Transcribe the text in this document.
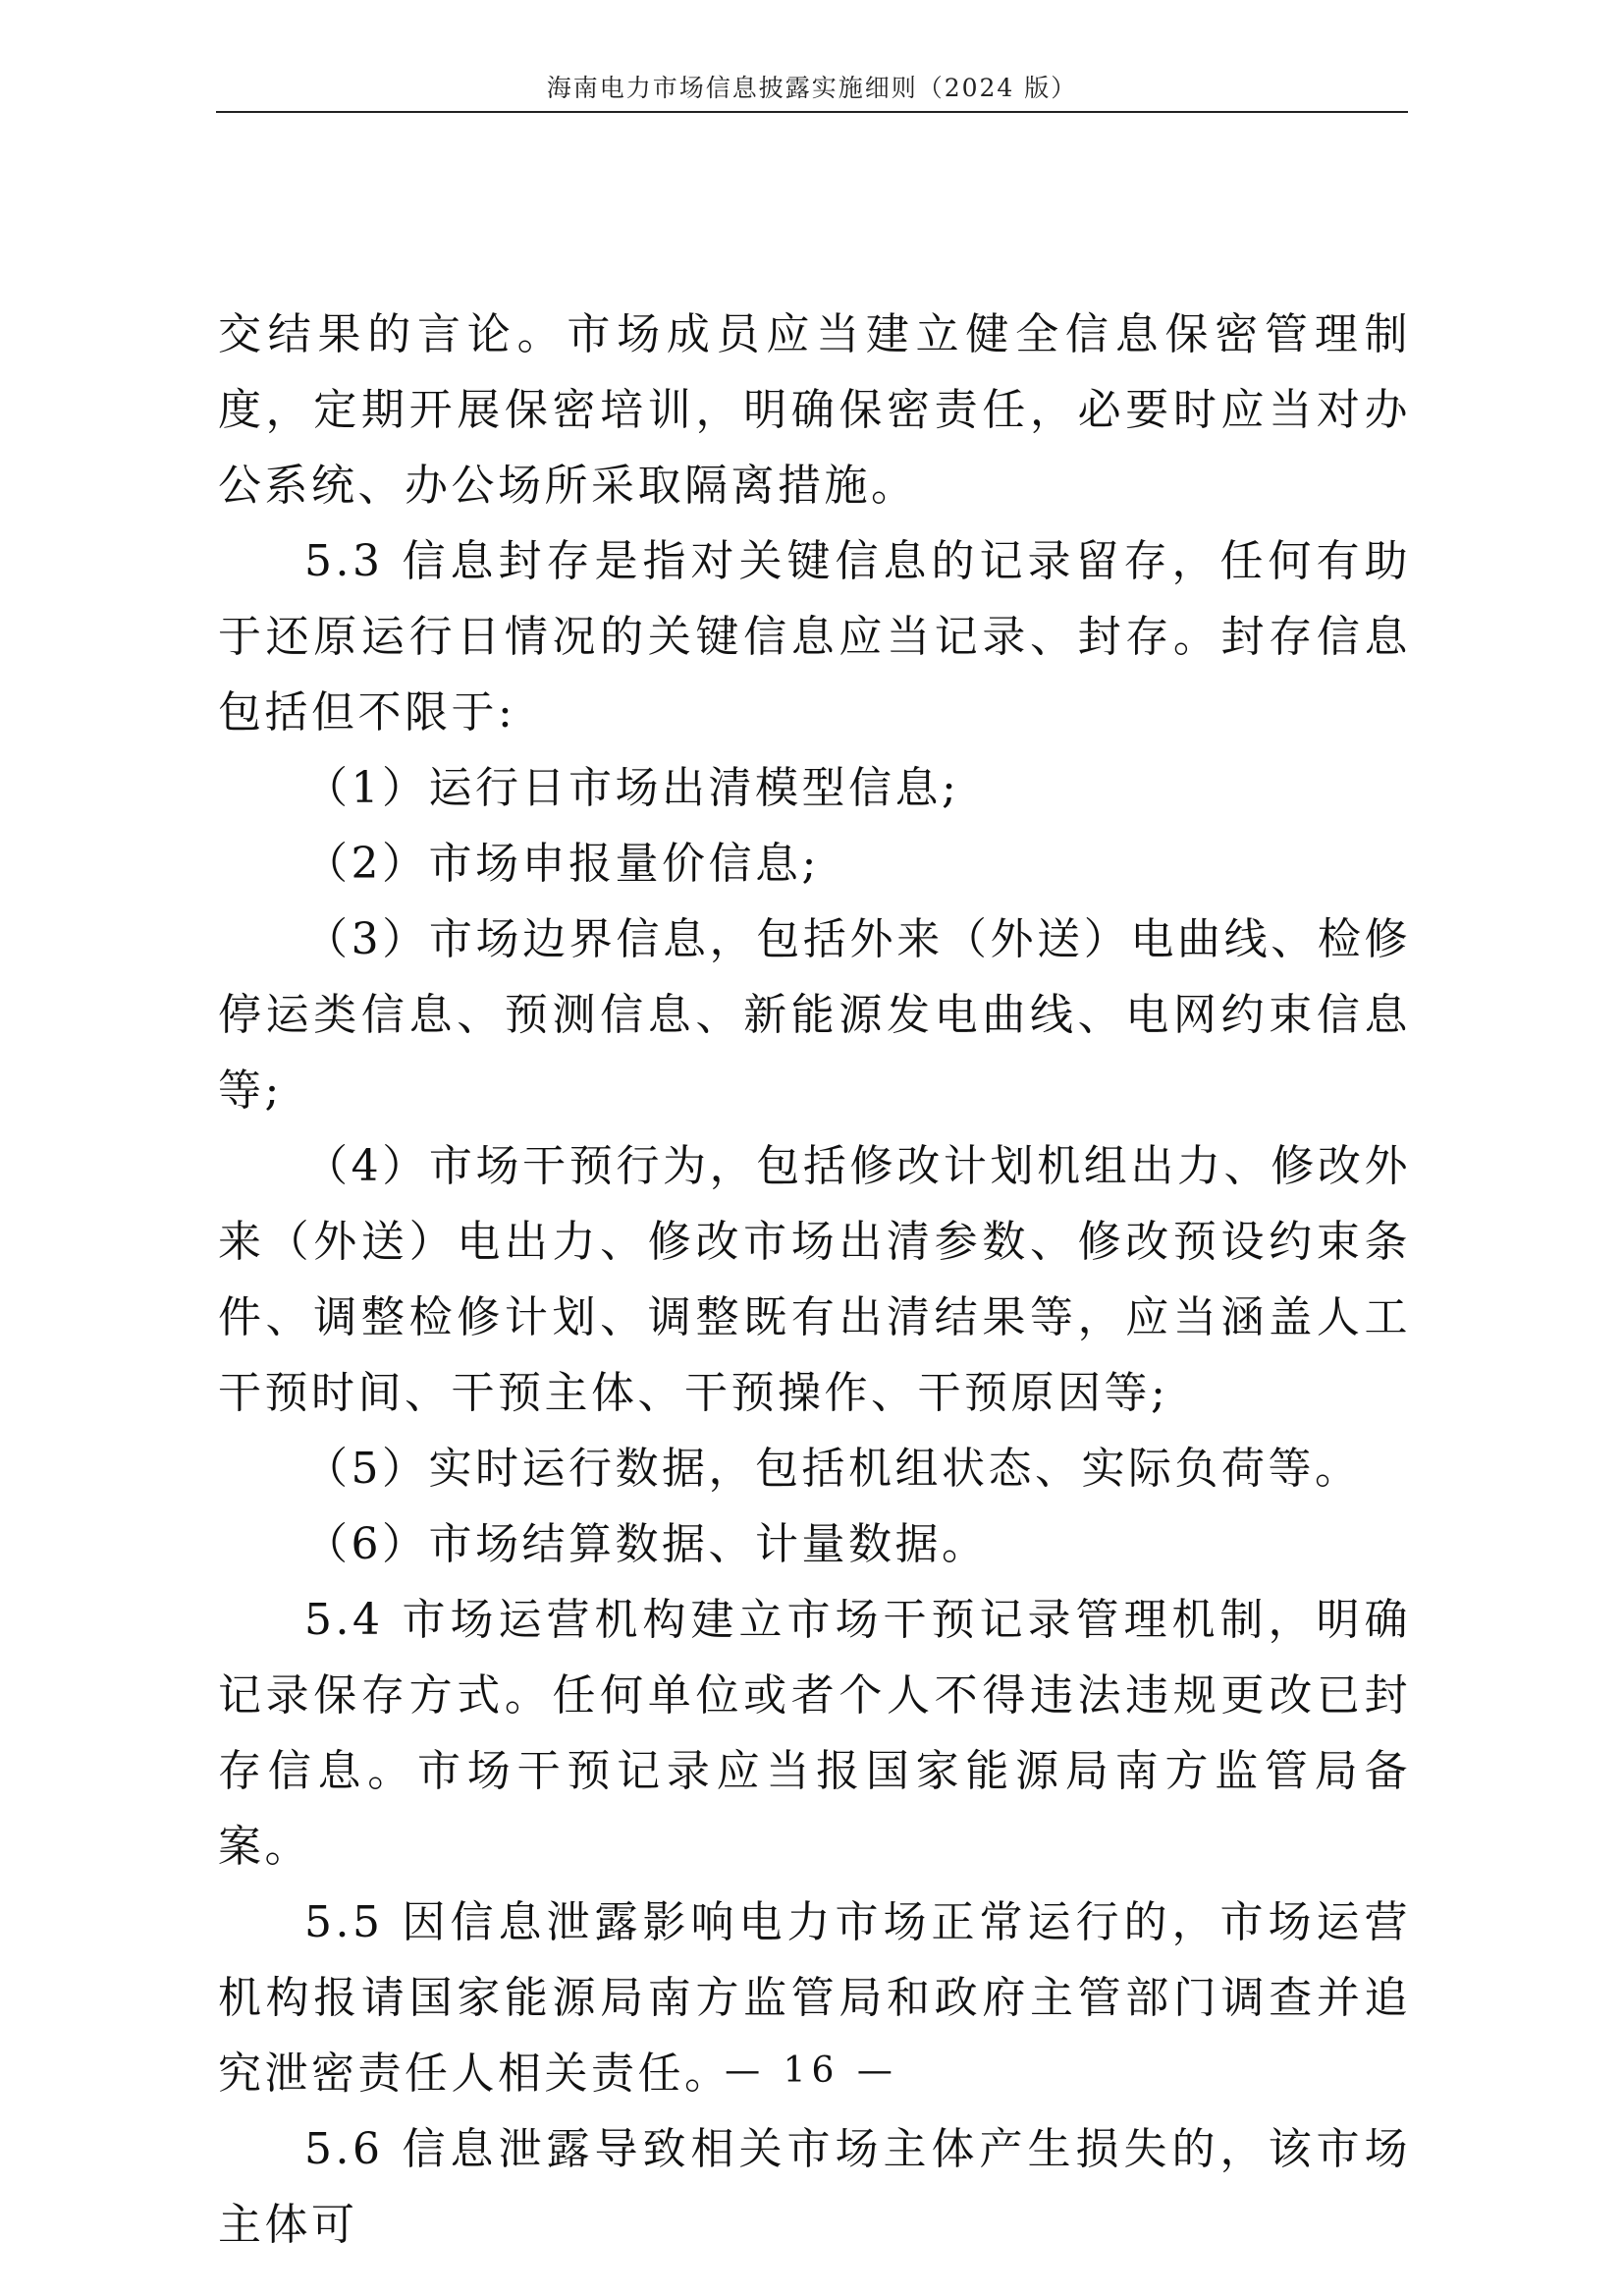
海南电力市场信息披露实施细则（2024 版）

交结果的言论。市场成员应当建立健全信息保密管理制度，定期开展保密培训，明确保密责任，必要时应当对办公系统、办公场所采取隔离措施。

5.3 信息封存是指对关键信息的记录留存，任何有助于还原运行日情况的关键信息应当记录、封存。封存信息包括但不限于:

（1）运行日市场出清模型信息;

（2）市场申报量价信息;

（3）市场边界信息，包括外来（外送）电曲线、检修停运类信息、预测信息、新能源发电曲线、电网约束信息等;

（4）市场干预行为，包括修改计划机组出力、修改外来（外送）电出力、修改市场出清参数、修改预设约束条件、调整检修计划、调整既有出清结果等，应当涵盖人工干预时间、干预主体、干预操作、干预原因等;

（5）实时运行数据，包括机组状态、实际负荷等。

（6）市场结算数据、计量数据。

5.4 市场运营机构建立市场干预记录管理机制，明确记录保存方式。任何单位或者个人不得违法违规更改已封存信息。市场干预记录应当报国家能源局南方监管局备案。

5.5 因信息泄露影响电力市场正常运行的，市场运营机构报请国家能源局南方监管局和政府主管部门调查并追究泄密责任人相关责任。

5.6 信息泄露导致相关市场主体产生损失的，该市场主体可

— 16 —
